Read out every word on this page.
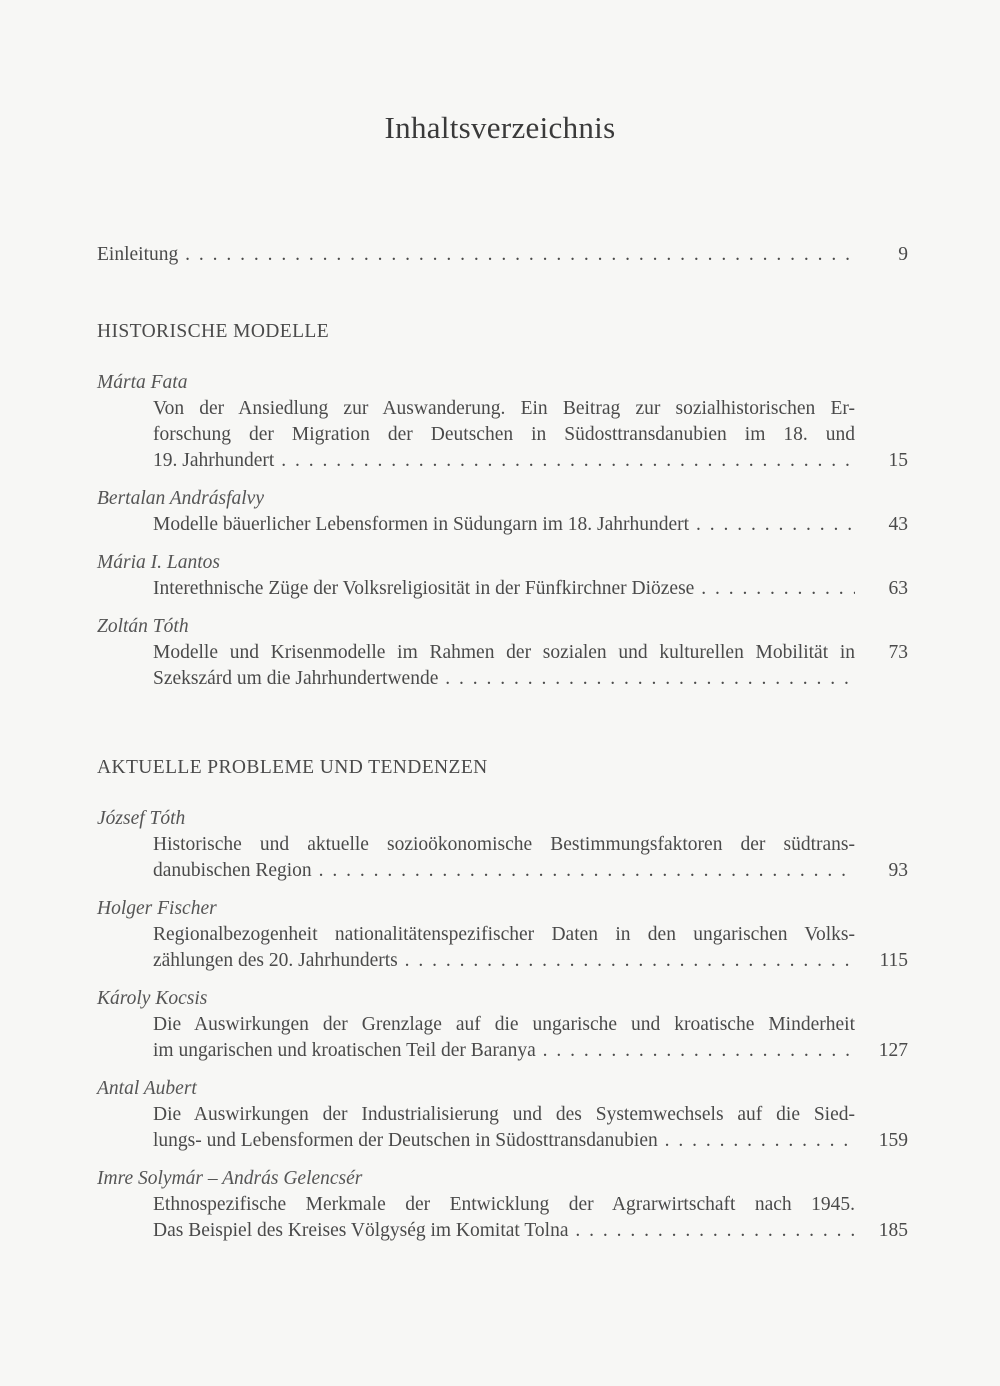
Inhaltsverzeichnis
Einleitung . . .	9
HISTORISCHE MODELLE
Márta Fata
Von der Ansiedlung zur Auswanderung. Ein Beitrag zur sozialhistorischen Er-
forschung der Migration der Deutschen in Südosttransdanubien im 18. und
19. Jahrhundert . . .	15
Bertalan Andrásfalvy
Modelle bäuerlicher Lebensformen in Südungarn im 18. Jahrhundert . . .	43
Mária I. Lantos
Interethnische Züge der Volksreligiosität in der Fünfkirchner Diözese . . .	63
Zoltán Tóth
Modelle und Krisenmodelle im Rahmen der sozialen und kulturellen Mobilität in	73
Szekszárd um die Jahrhundertwende . . .
AKTUELLE PROBLEME UND TENDENZEN
József Tóth
Historische und aktuelle sozioökonomische Bestimmungsfaktoren der südtrans-
danubischen Region . . .	93
Holger Fischer
Regionalbezogenheit nationalitätenspezifischer Daten in den ungarischen Volks-
zählungen des 20. Jahrhunderts . . .	115
Károly Kocsis
Die Auswirkungen der Grenzlage auf die ungarische und kroatische Minderheit
im ungarischen und kroatischen Teil der Baranya . . .	127
Antal Aubert
Die Auswirkungen der Industrialisierung und des Systemwechsels auf die Sied-
lungs- und Lebensformen der Deutschen in Südosttransdanubien . . .	159
Imre Solymár – András Gelencsér
Ethnospezifische Merkmale der Entwicklung der Agrarwirtschaft nach 1945.
Das Beispiel des Kreises Völgység im Komitat Tolna . . .	185
